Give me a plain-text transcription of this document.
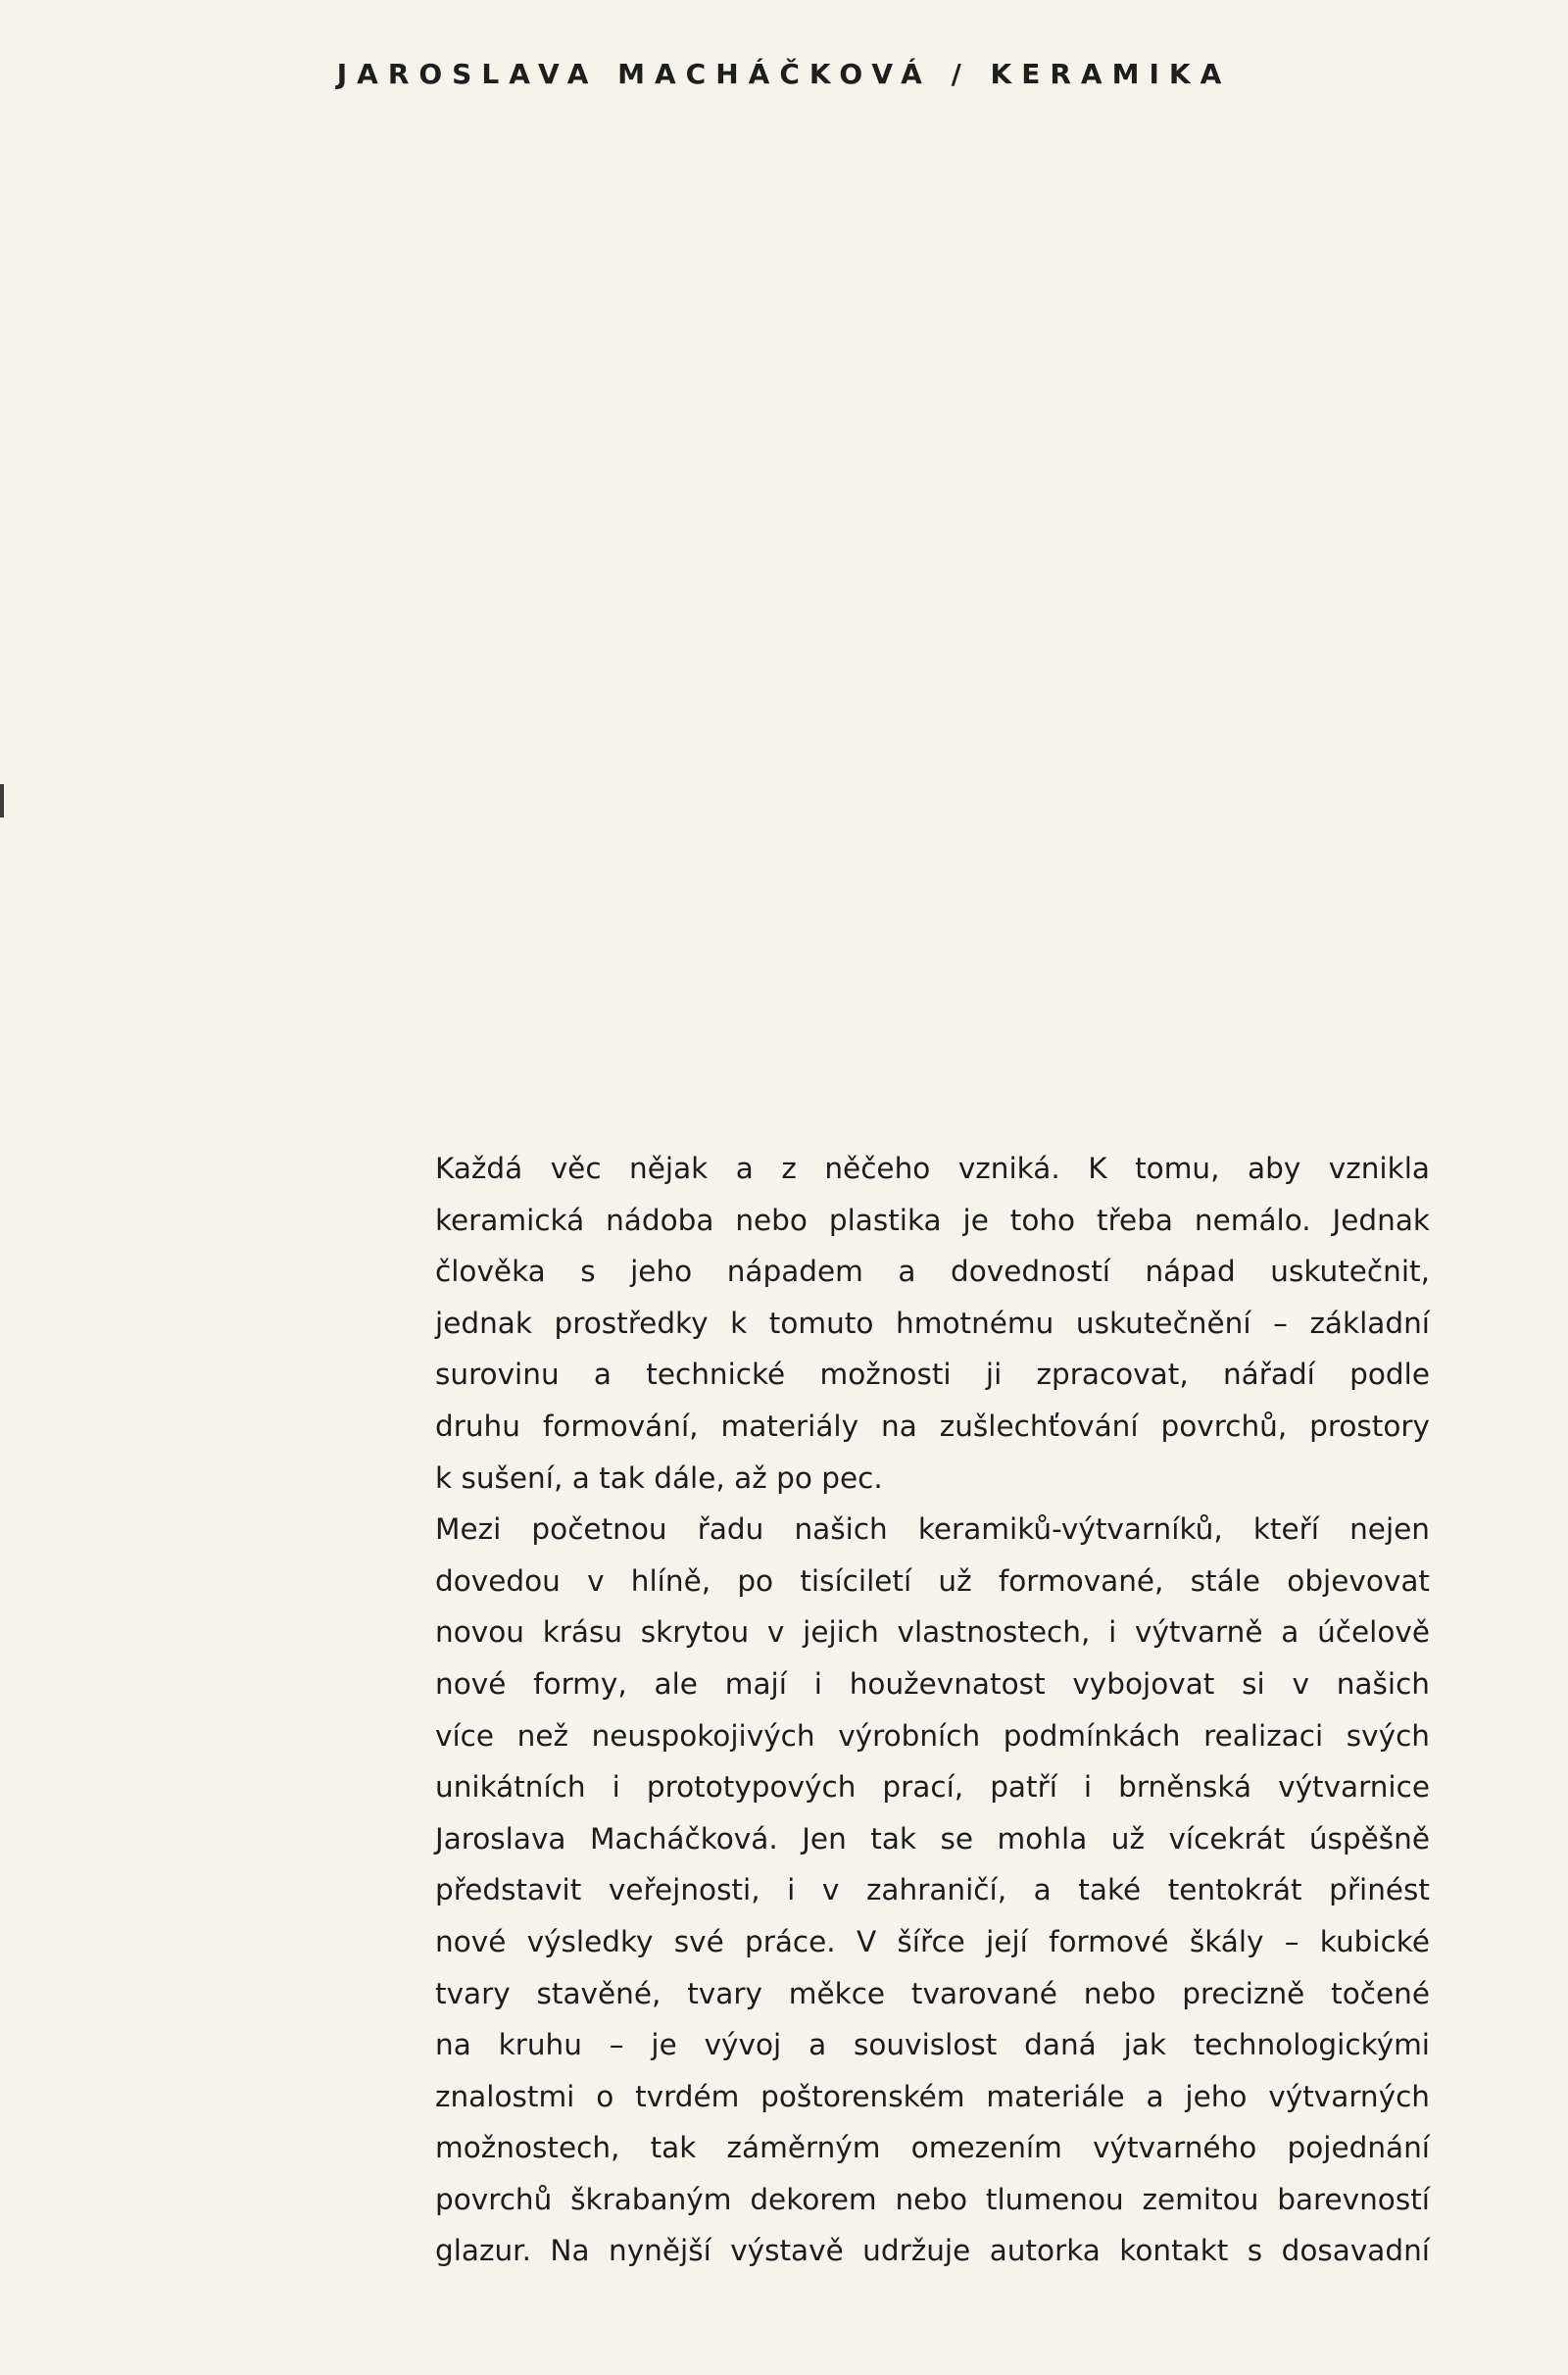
JAROSLAVA MACHÁČKOVÁ / KERAMIKA
Každá věc nějak a z něčeho vzniká. K tomu, aby vznikla
keramická nádoba nebo plastika je toho třeba nemálo. Jednak
člověka s jeho nápadem a dovedností nápad uskutečnit,
jednak prostředky k tomuto hmotnému uskutečnění – základní
surovinu a technické možnosti ji zpracovat, nářadí podle
druhu formování, materiály na zušlechťování povrchů, prostory
k sušení, a tak dále, až po pec.
Mezi početnou řadu našich keramiků-výtvarníků, kteří nejen
dovedou v hlíně, po tisíciletí už formované, stále objevovat
novou krásu skrytou v jejich vlastnostech, i výtvarně a účelově
nové formy, ale mají i houževnatost vybojovat si v našich
více než neuspokojivých výrobních podmínkách realizaci svých
unikátních i prototypových prací, patří i brněnská výtvarnice
Jaroslava Macháčková. Jen tak se mohla už vícekrát úspěšně
představit veřejnosti, i v zahraničí, a také tentokrát přinést
nové výsledky své práce. V šířce její formové škály – kubické
tvary stavěné, tvary měkce tvarované nebo precizně točené
na kruhu – je vývoj a souvislost daná jak technologickými
znalostmi o tvrdém poštorenském materiále a jeho výtvarných
možnostech, tak záměrným omezením výtvarného pojednání
povrchů škrabaným dekorem nebo tlumenou zemitou barevností
glazur. Na nynější výstavě udržuje autorka kontakt s dosavadní
